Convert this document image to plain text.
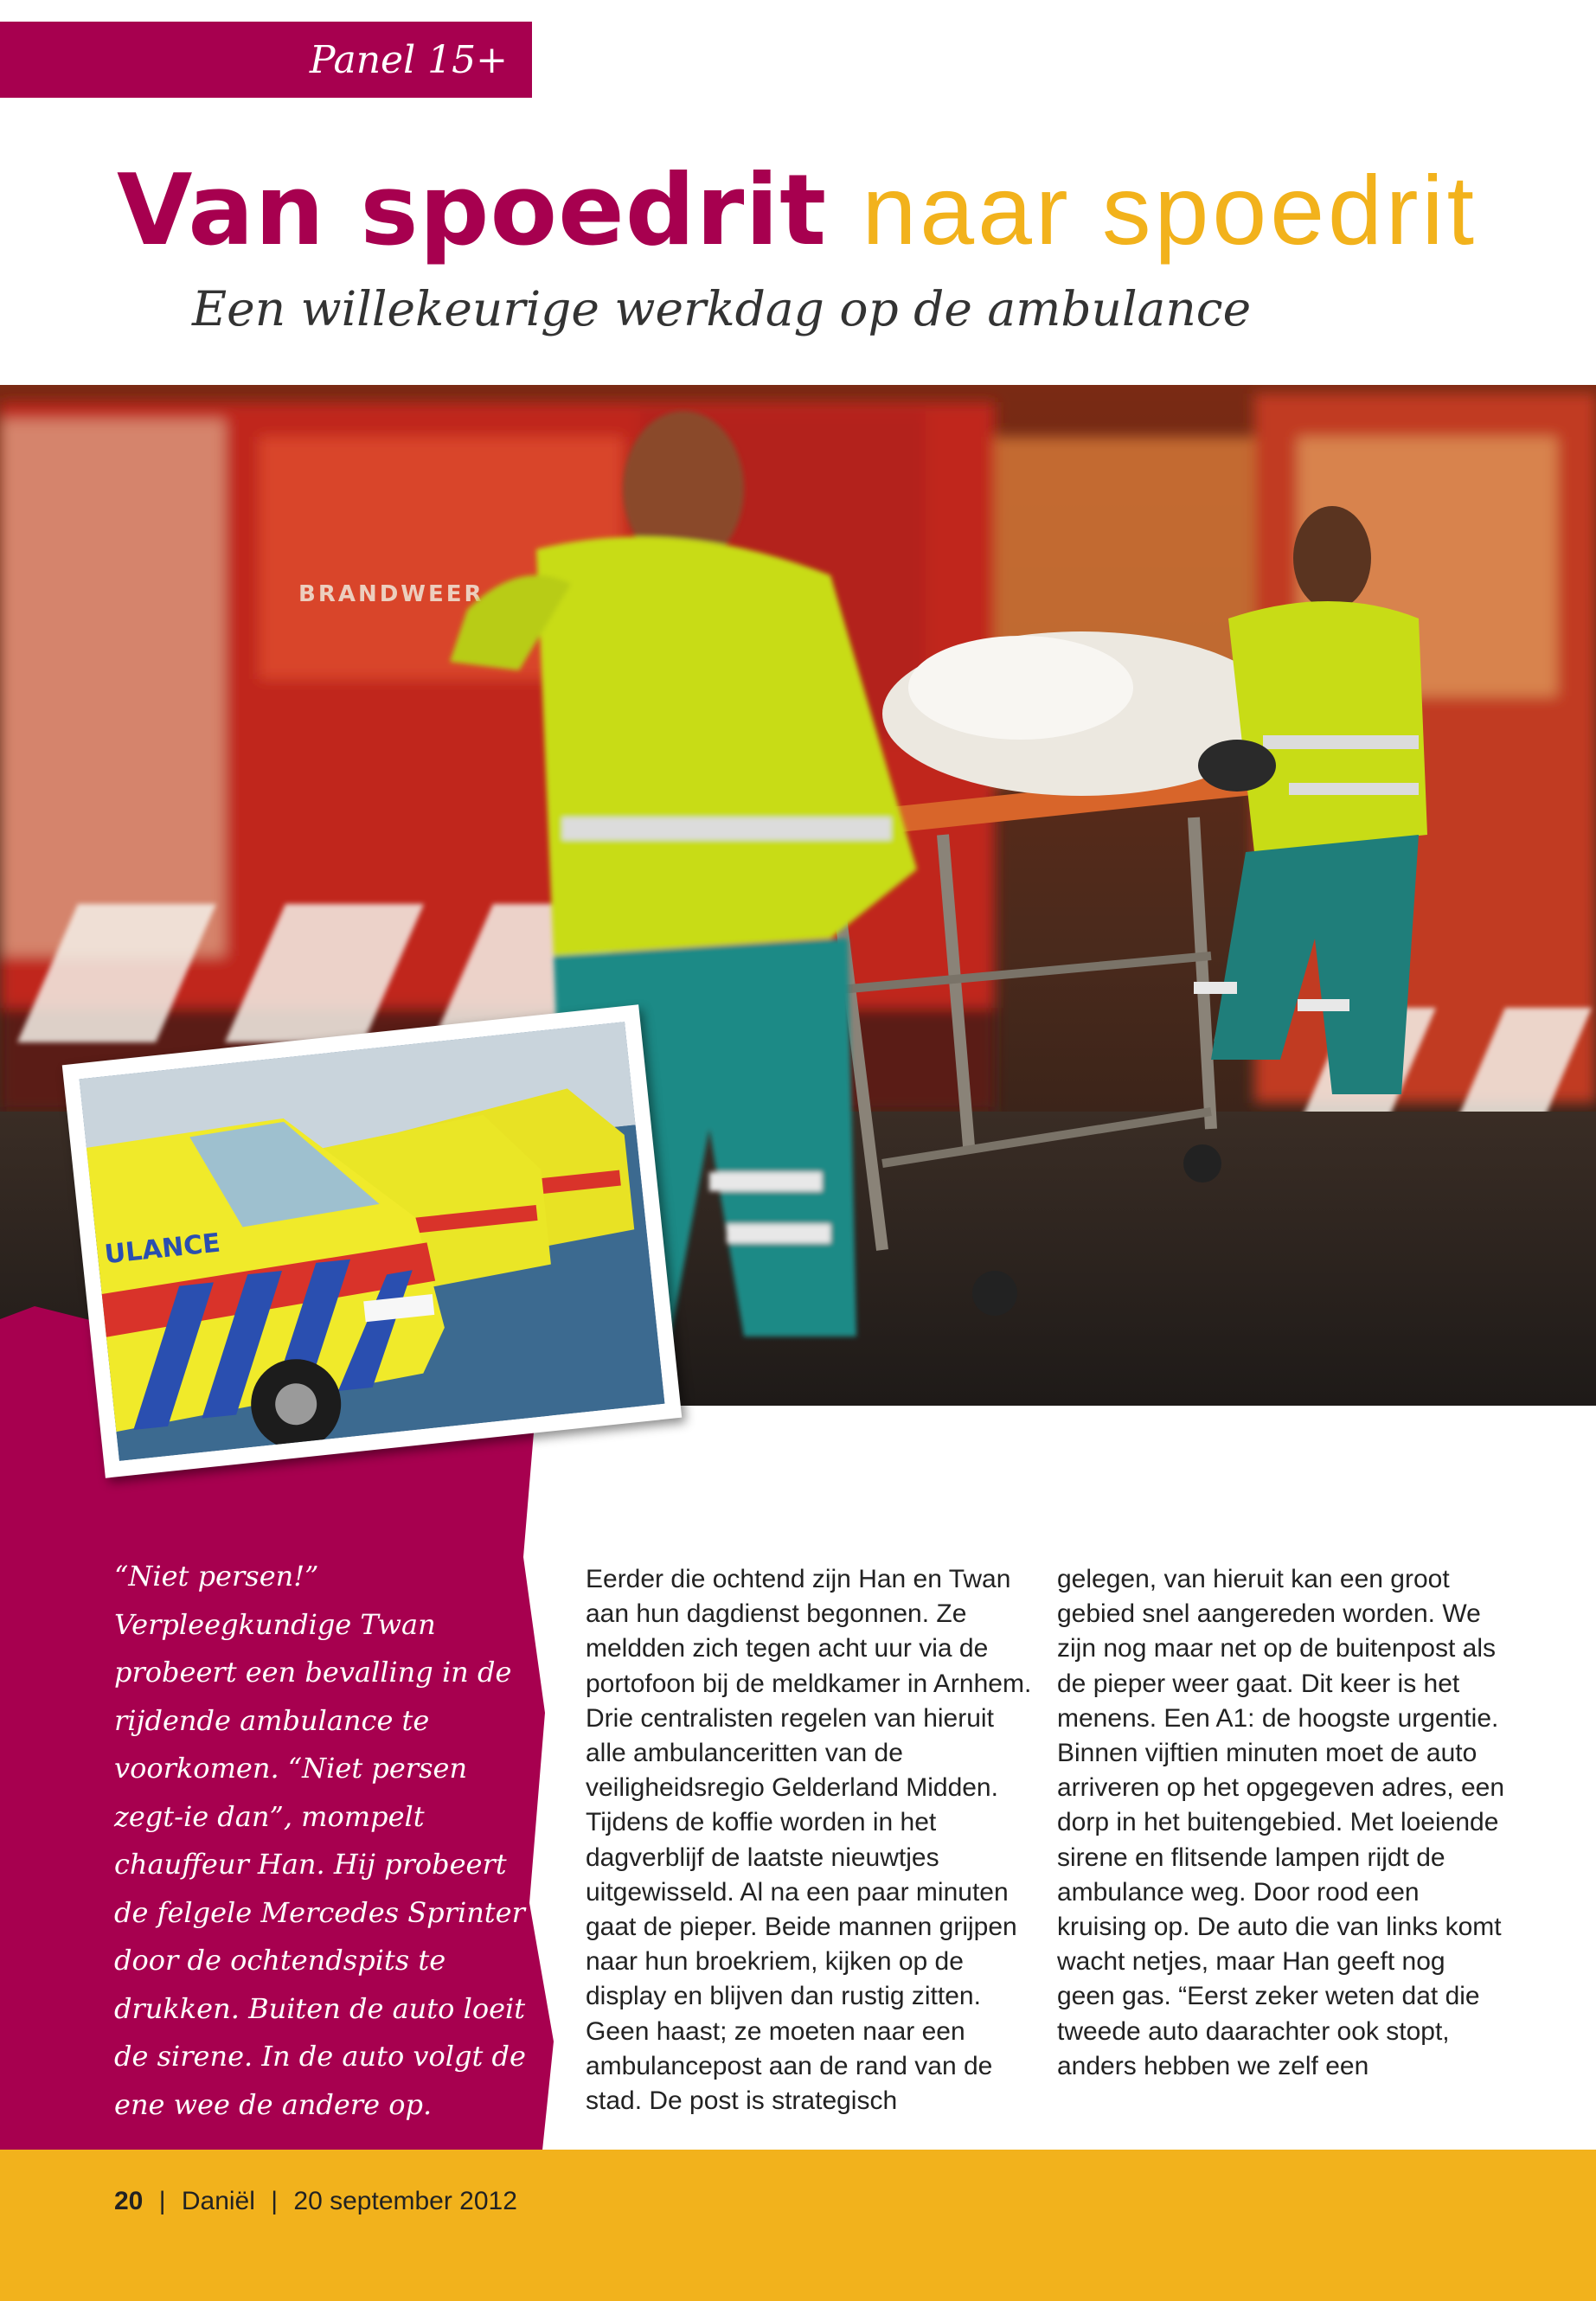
Panel 15+
Van spoedrit naar spoedrit
Een willekeurige werkdag op de ambulance
BRANDWEER
ULANCE

“Niet persen!” Verpleegkundige Twan probeert een bevalling in de rijdende ambulance te voorkomen. “Niet persen zegt-ie dan”, mompelt chauffeur Han. Hij probeert de felgele Mercedes Sprinter door de ochtendspits te drukken. Buiten de auto loeit de sirene. In de auto volgt de ene wee de andere op.

Eerder die ochtend zijn Han en Twan aan hun dagdienst begonnen. Ze meldden zich tegen acht uur via de portofoon bij de meldkamer in Arnhem. Drie centralisten regelen van hieruit alle ambulanceritten van de veiligheidsregio Gelderland Midden. Tijdens de koffie worden in het dagverblijf de laatste nieuwtjes uitgewisseld. Al na een paar minuten gaat de pieper. Beide mannen grijpen naar hun broekriem, kijken op de display en blijven dan rustig zitten. Geen haast; ze moeten naar een ambulancepost aan de rand van de stad. De post is strategisch

gelegen, van hieruit kan een groot gebied snel aangereden worden. We zijn nog maar net op de buitenpost als de pieper weer gaat. Dit keer is het menens. Een A1: de hoogste urgentie. Binnen vijftien minuten moet de auto arriveren op het opgegeven adres, een dorp in het buitengebied. Met loeiende sirene en flitsende lampen rijdt de ambulance weg. Door rood een kruising op. De auto die van links komt wacht netjes, maar Han geeft nog geen gas. “Eerst zeker weten dat die tweede auto daarachter ook stopt, anders hebben we zelf een

20 | Daniël | 20 september 2012
